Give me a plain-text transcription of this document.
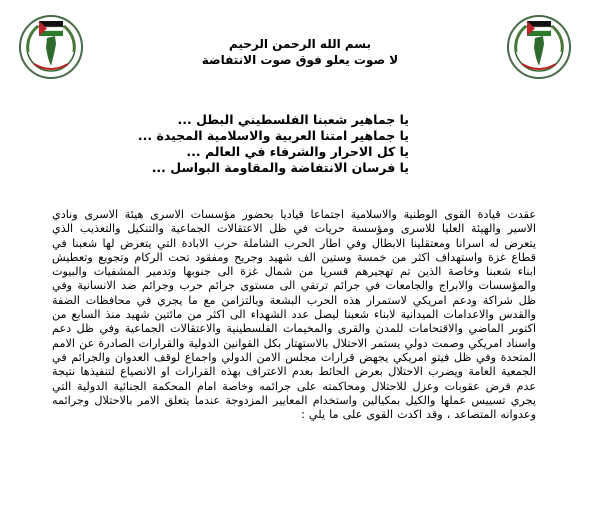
بسم الله الرحمن الرحيم
لا صوت يعلو فوق صوت الانتفاضة
يا جماهير شعبنا الفلسطيني البطل ...
يا جماهير امتنا العربية والاسلامية المجيدة ...
يا كل الاحرار والشرفاء في العالم ...
يا فرسان الانتفاضة والمقاومة البواسل ...

عقدت قيادة القوى الوطنية والاسلامية اجتماعا قياديا بحضور مؤسسات الاسرى هيئة الاسرى ونادي الاسير والهيئة العليا للاسرى ومؤسسة حريات في ظل الاعتقالات الجماعية والتنكيل والتعذيب الذي يتعرض له اسرانا ومعتقلينا الابطال وفي اطار الحرب الشاملة حرب الابادة التي يتعرض لها شعبنا في قطاع غزة واستهداف اكثر من خمسة وستين الف شهيد وجريح ومفقود تحت الركام وتجويع وتعطيش ابناء شعبنا وخاصة الذين تم تهجيرهم قسريا من شمال غزة الى جنوبها وتدمير المشفيات والبيوت والمؤسسات والابراج والجامعات في جرائم ترتقي الى مستوى جرائم حرب وجرائم ضد الانسانية وفي ظل شراكة ودعم امريكي لاستمرار هذه الحرب البشعة وبالتزامن مع ما يجري في محافظات الضفة والقدس والاعدامات الميدانية لابناء شعبنا ليصل عدد الشهداء الى اكثر من مائتين شهيد منذ السابع من اكتوبر الماضي والاقتحامات للمدن والقرى والمخيمات الفلسطينية والاعتقالات الجماعية وفي ظل دعم واسناد امريكي وصمت دولي يستمر الاحتلال بالاستهتار بكل القوانين الدولية والقرارات الصادرة عن الامم المتحدة وفي ظل فيتو امريكي يجهض قرارات مجلس الامن الدولي واجماع لوقف العدوان والجرائم في الجمعية العامة ويضرب الاحتلال بعرض الحائط بعدم الاعتراف بهذه القرارات او الانصياع لتنفيذها نتيجة عدم فرض عقوبات وعزل للاحتلال ومحاكمته على جرائمه وخاصة امام المحكمة الجنائية الدولية التي يجري تسييس عملها والكيل بمكيالين واستخدام المعايير المزدوجة عندما يتعلق الامر بالاحتلال وجرائمه وعدوانه المتصاعد ، وقد اكدت القوى على ما يلي :
